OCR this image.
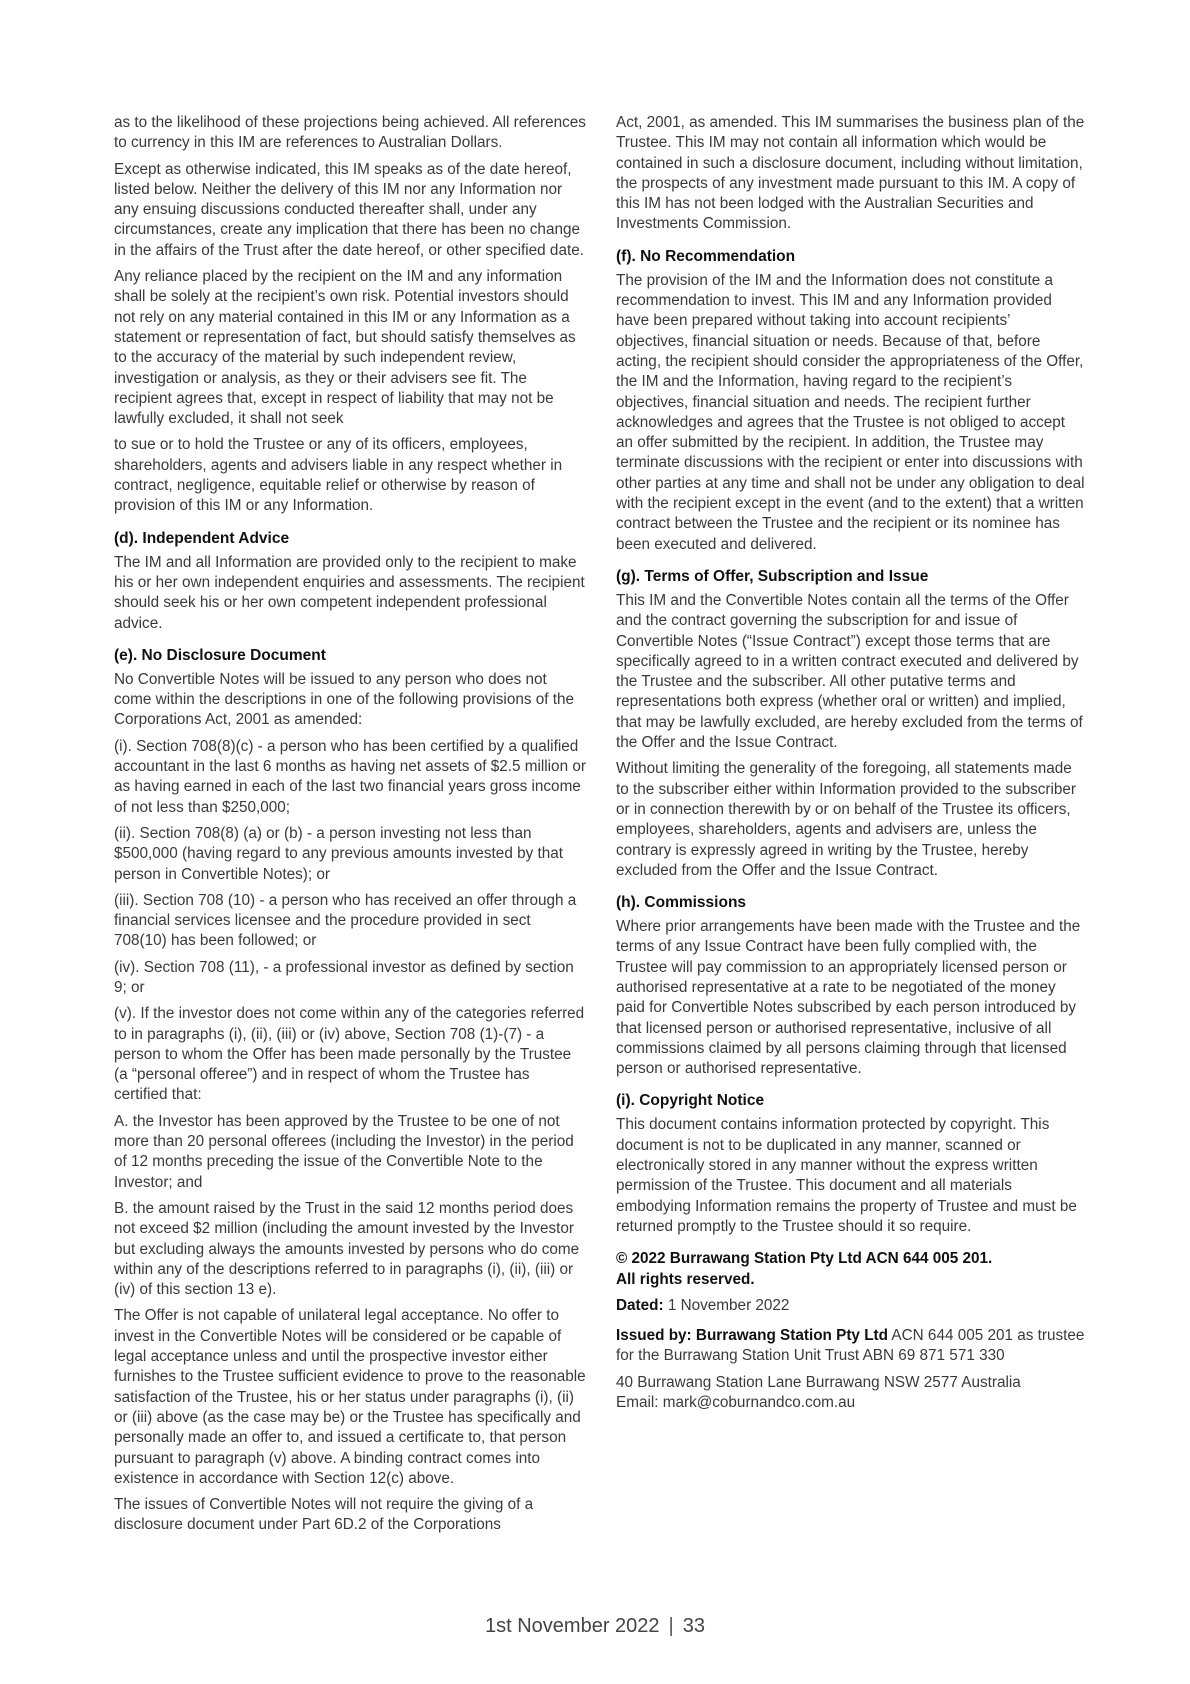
as to the likelihood of these projections being achieved. All references to currency in this IM are references to Australian Dollars.

Except as otherwise indicated, this IM speaks as of the date hereof, listed below. Neither the delivery of this IM nor any Information nor any ensuing discussions conducted thereafter shall, under any circumstances, create any implication that there has been no change in the affairs of the Trust after the date hereof, or other specified date.

Any reliance placed by the recipient on the IM and any information shall be solely at the recipient’s own risk. Potential investors should not rely on any material contained in this IM or any Information as a statement or representation of fact, but should satisfy themselves as to the accuracy of the material by such independent review, investigation or analysis, as they or their advisers see fit. The recipient agrees that, except in respect of liability that may not be lawfully excluded, it shall not seek

to sue or to hold the Trustee or any of its officers, employees, shareholders, agents and advisers liable in any respect whether in contract, negligence, equitable relief or otherwise by reason of provision of this IM or any Information.

(d). Independent Advice

The IM and all Information are provided only to the recipient to make his or her own independent enquiries and assessments. The recipient should seek his or her own competent independent professional advice.

(e). No Disclosure Document

No Convertible Notes will be issued to any person who does not come within the descriptions in one of the following provisions of the Corporations Act, 2001 as amended:

(i). Section 708(8)(c) - a person who has been certified by a qualified accountant in the last 6 months as having net assets of $2.5 million or as having earned in each of the last two financial years gross income of not less than $250,000;

(ii). Section 708(8) (a) or (b) - a person investing not less than $500,000 (having regard to any previous amounts invested by that person in Convertible Notes); or

(iii). Section 708 (10) - a person who has received an offer through a financial services licensee and the procedure provided in sect 708(10) has been followed; or

(iv). Section 708 (11), - a professional investor as defined by section 9; or

(v). If the investor does not come within any of the categories referred to in paragraphs (i), (ii), (iii) or (iv) above, Section 708 (1)-(7) - a person to whom the Offer has been made personally by the Trustee (a “personal offeree”) and in respect of whom the Trustee has certified that:

A. the Investor has been approved by the Trustee to be one of not more than 20 personal offerees (including the Investor) in the period of 12 months preceding the issue of the Convertible Note to the Investor; and

B. the amount raised by the Trust in the said 12 months period does not exceed $2 million (including the amount invested by the Investor but excluding always the amounts invested by persons who do come within any of the descriptions referred to in paragraphs (i), (ii), (iii) or (iv) of this section 13 e).

The Offer is not capable of unilateral legal acceptance. No offer to invest in the Convertible Notes will be considered or be capable of legal acceptance unless and until the prospective investor either furnishes to the Trustee sufficient evidence to prove to the reasonable satisfaction of the Trustee, his or her status under paragraphs (i), (ii) or (iii) above (as the case may be) or the Trustee has specifically and personally made an offer to, and issued a certificate to, that person pursuant to paragraph (v) above. A binding contract comes into existence in accordance with Section 12(c) above.

The issues of Convertible Notes will not require the giving of a disclosure document under Part 6D.2 of the Corporations

Act, 2001, as amended. This IM summarises the business plan of the Trustee. This IM may not contain all information which would be contained in such a disclosure document, including without limitation, the prospects of any investment made pursuant to this IM. A copy of this IM has not been lodged with the Australian Securities and Investments Commission.

(f). No Recommendation

The provision of the IM and the Information does not constitute a recommendation to invest. This IM and any Information provided have been prepared without taking into account recipients’ objectives, financial situation or needs. Because of that, before acting, the recipient should consider the appropriateness of the Offer, the IM and the Information, having regard to the recipient’s objectives, financial situation and needs. The recipient further acknowledges and agrees that the Trustee is not obliged to accept an offer submitted by the recipient. In addition, the Trustee may terminate discussions with the recipient or enter into discussions with other parties at any time and shall not be under any obligation to deal with the recipient except in the event (and to the extent) that a written contract between the Trustee and the recipient or its nominee has been executed and delivered.

(g). Terms of Offer, Subscription and Issue

This IM and the Convertible Notes contain all the terms of the Offer and the contract governing the subscription for and issue of Convertible Notes (“Issue Contract”) except those terms that are specifically agreed to in a written contract executed and delivered by the Trustee and the subscriber. All other putative terms and representations both express (whether oral or written) and implied, that may be lawfully excluded, are hereby excluded from the terms of the Offer and the Issue Contract.

Without limiting the generality of the foregoing, all statements made to the subscriber either within Information provided to the subscriber or in connection therewith by or on behalf of the Trustee its officers, employees, shareholders, agents and advisers are, unless the contrary is expressly agreed in writing by the Trustee, hereby excluded from the Offer and the Issue Contract.

(h). Commissions

Where prior arrangements have been made with the Trustee and the terms of any Issue Contract have been fully complied with, the Trustee will pay commission to an appropriately licensed person or authorised representative at a rate to be negotiated of the money paid for Convertible Notes subscribed by each person introduced by that licensed person or authorised representative, inclusive of all commissions claimed by all persons claiming through that licensed person or authorised representative.

(i). Copyright Notice

This document contains information protected by copyright. This document is not to be duplicated in any manner, scanned or electronically stored in any manner without the express written permission of the Trustee. This document and all materials embodying Information remains the property of Trustee and must be returned promptly to the Trustee should it so require.

© 2022 Burrawang Station Pty Ltd ACN 644 005 201.
All rights reserved.

Dated: 1 November 2022

Issued by: Burrawang Station Pty Ltd ACN 644 005 201 as trustee for the Burrawang Station Unit Trust ABN 69 871 571 330

40 Burrawang Station Lane Burrawang NSW 2577 Australia
Email: mark@coburnandco.com.au
1st November 2022 | 33
